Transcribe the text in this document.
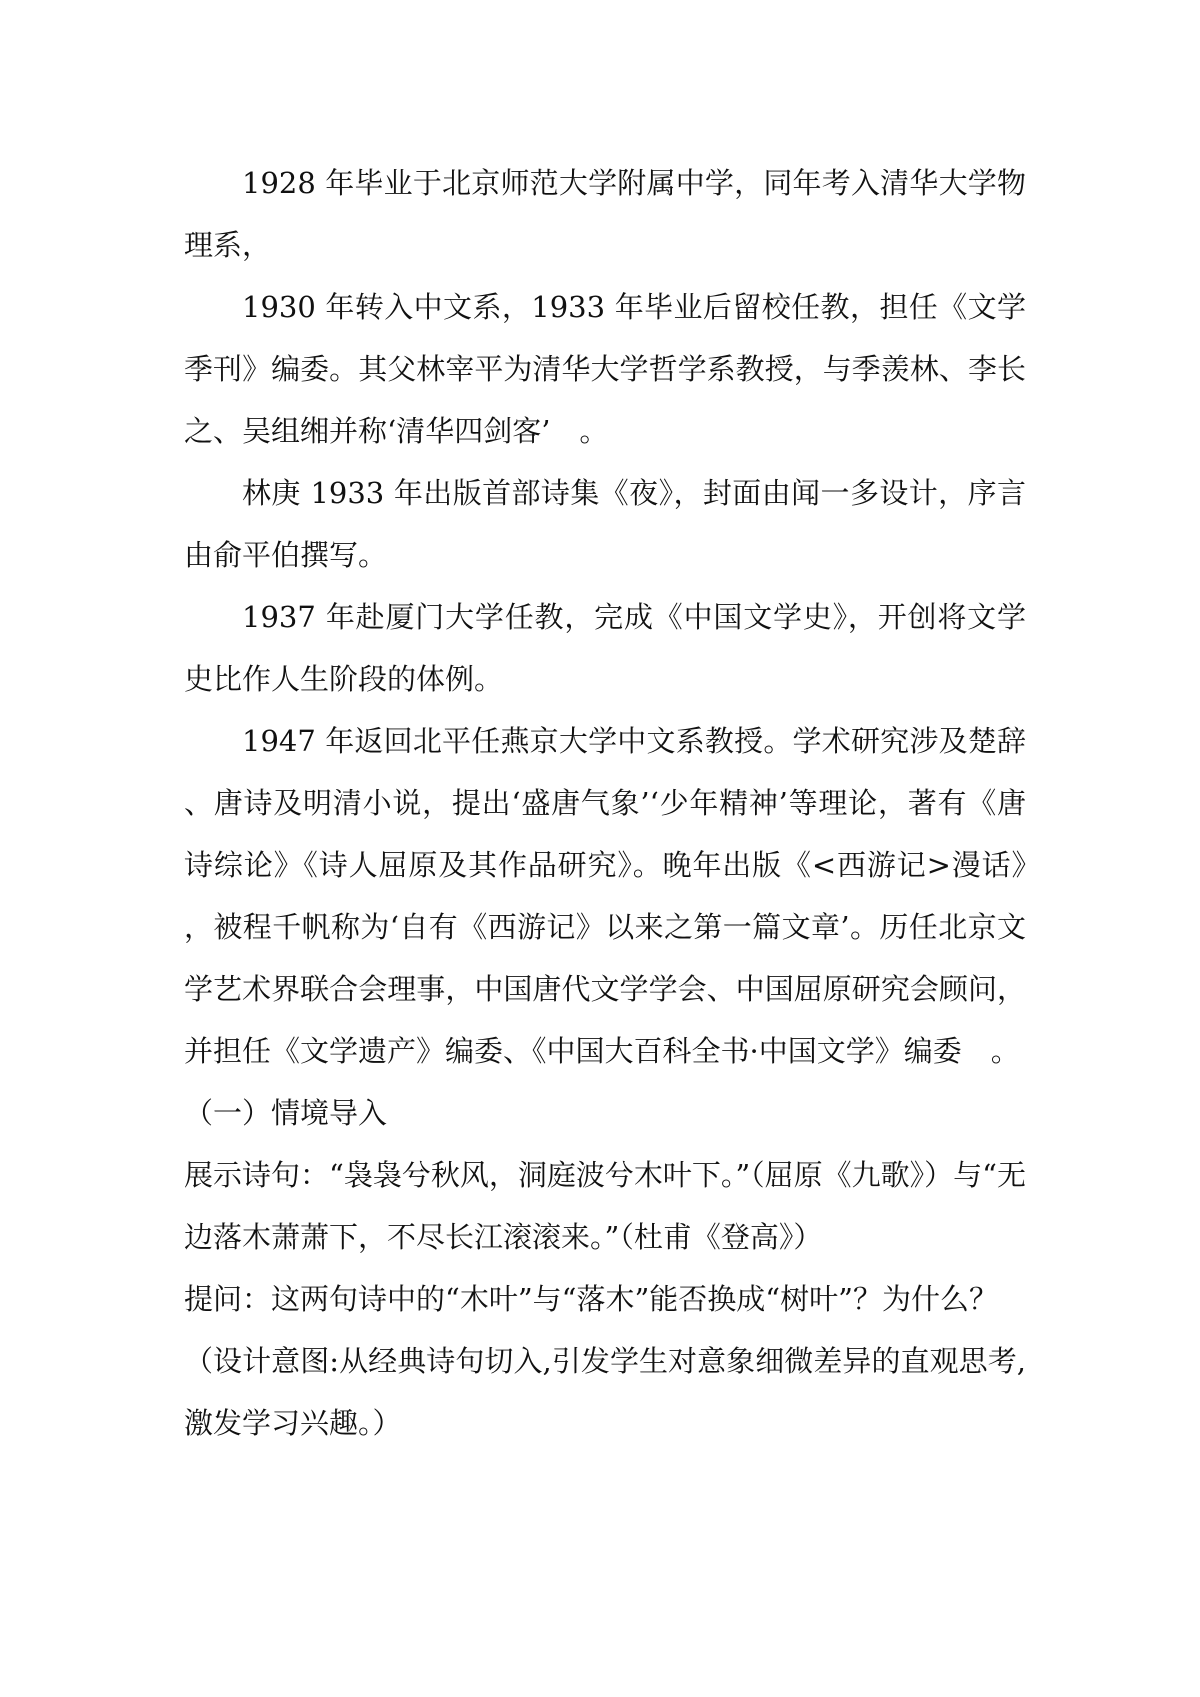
1928 年毕业于北京师范大学附属中学，同年考入清华大学物理系，

1930 年转入中文系，1933 年毕业后留校任教，担任《文学季刊》编委。其父林宰平为清华大学哲学系教授，与季羡林、李长之、吴组缃并称‘清华四剑客’　。

林庚 1933 年出版首部诗集《夜》，封面由闻一多设计，序言由俞平伯撰写。

1937 年赴厦门大学任教，完成《中国文学史》，开创将文学史比作人生阶段的体例。

1947 年返回北平任燕京大学中文系教授。学术研究涉及楚辞、唐诗及明清小说，提出‘盛唐气象’‘少年精神’等理论，著有《唐诗综论》《诗人屈原及其作品研究》。晚年出版《<西游记>漫话》，被程千帆称为‘自有《西游记》以来之第一篇文章’。历任北京文学艺术界联合会理事，中国唐代文学学会、中国屈原研究会顾问，并担任《文学遗产》编委、《中国大百科全书·中国文学》编委　。

（一）情境导入

展示诗句：“袅袅兮秋风，洞庭波兮木叶下。”（屈原《九歌》）与“无边落木萧萧下，不尽长江滚滚来。”（杜甫《登高》）

提问：这两句诗中的“木叶”与“落木”能否换成“树叶”？为什么？

（设计意图:从经典诗句切入,引发学生对意象细微差异的直观思考,激发学习兴趣。）
